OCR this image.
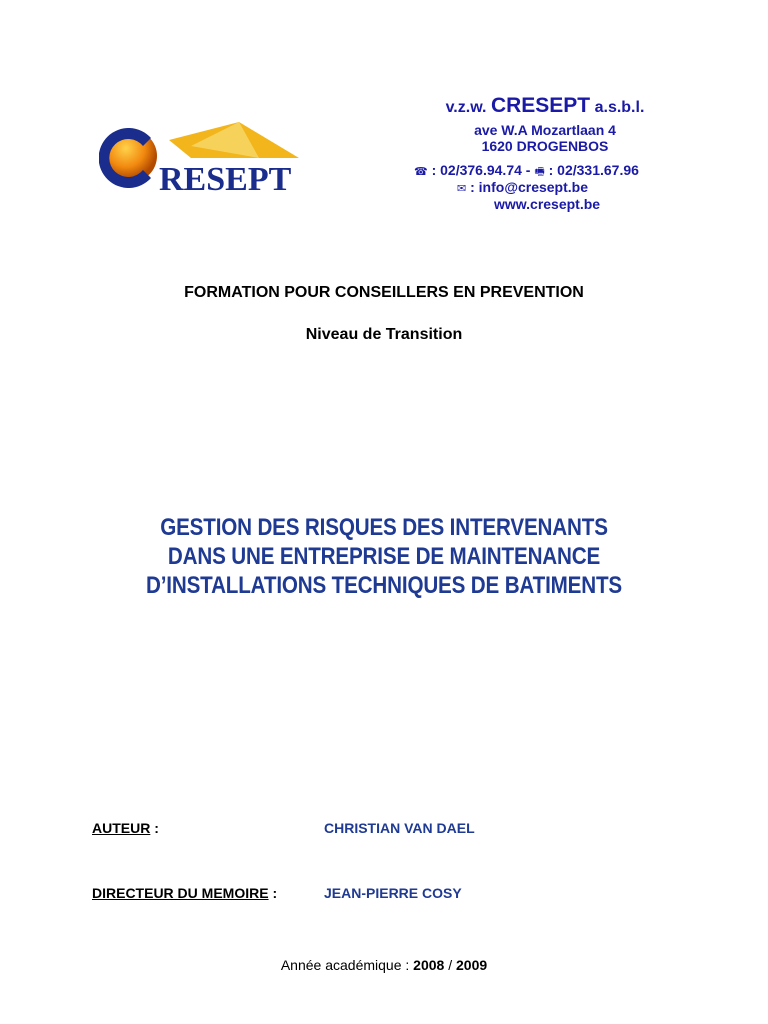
RESEPT
v.z.w. CRESEPT a.s.b.l.
ave W.A Mozartlaan 4
1620 DROGENBOS
☎ : 02/376.94.74 - 🖷 : 02/331.67.96
✉ : info@cresept.be
www.cresept.be
FORMATION POUR CONSEILLERS EN PREVENTION
Niveau de Transition
GESTION DES RISQUES DES INTERVENANTS
DANS UNE ENTREPRISE DE MAINTENANCE
D’INSTALLATIONS TECHNIQUES DE BATIMENTS
AUTEUR :	CHRISTIAN VAN DAEL
DIRECTEUR DU MEMOIRE :	JEAN-PIERRE COSY
Année académique : 2008 / 2009
